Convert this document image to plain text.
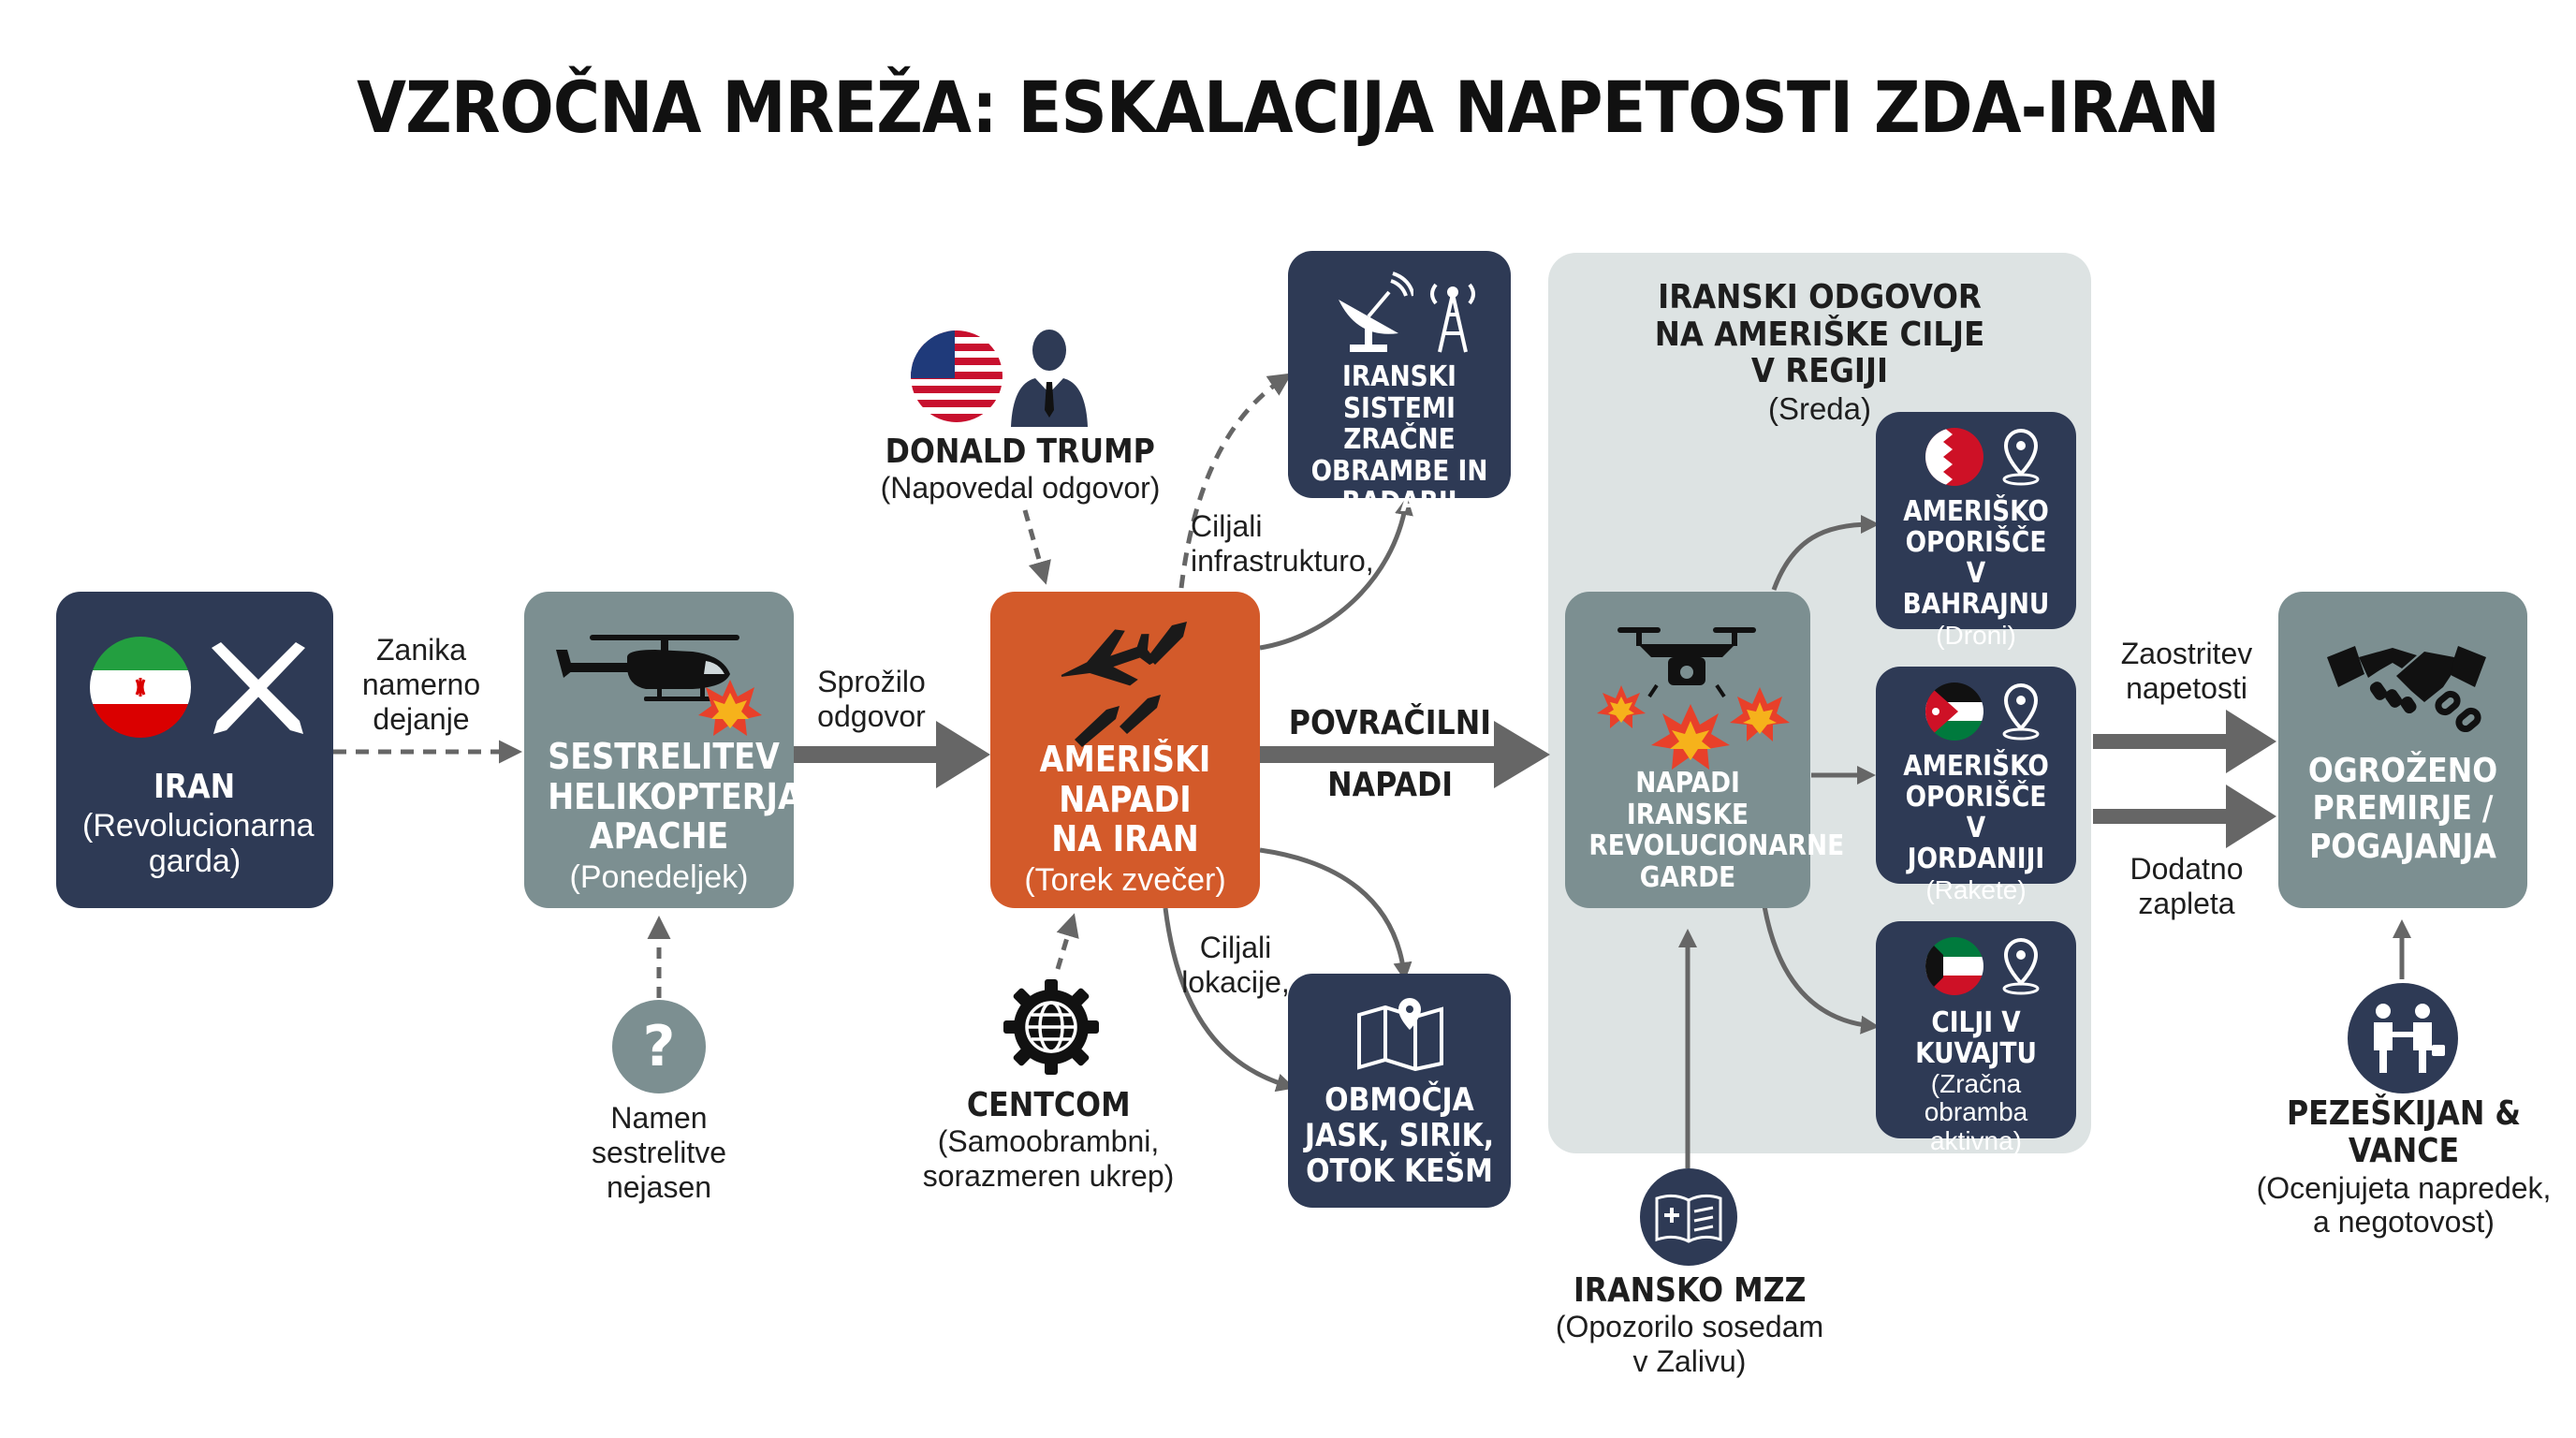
VZROČNA MREŽA: ESKALACIJA NAPETOSTI ZDA-IRAN
IRANSKI ODGOVOR NA AMERIŠKE CILJE V REGIJI
(Sreda)
IRAN
(Revolucionarna garda)
SESTRELITEV HELIKOPTERJA APACHE
(Ponedeljek)
AMERIŠKI NAPADI NA IRAN
(Torek zvečer)
IRANSKI SISTEMI ZRAČNE OBRAMBE IN RADARJI
OBMOČJA JASK, SIRIK, OTOK KEŠM
NAPADI IRANSKE REVOLUCIONARNE GARDE
AMERIŠKO OPORIŠČE V BAHRAJNU
(Droni)
AMERIŠKO OPORIŠČE V JORDANIJI
(Rakete)
CILJI V KUVAJTU
(Zračna obramba aktivna)
OGROŽENO PREMIRJE / POGAJANJA
DONALD TRUMP
(Napovedal odgovor)
CENTCOM
(Samoobrambni, sorazmeren ukrep)
?
Namen sestrelitve nejasen
IRANSKO MZZ
(Opozorilo sosedam v Zalivu)
PEZEŠKIJAN & VANCE
(Ocenjujeta napredek, a negotovost)
Zanika namerno dejanje
Sprožilo odgovor	POVRAČILNI
NAPADI
Ciljali infrastrukturo,
Ciljali lokacije,
Zaostritev napetosti
Dodatno zapleta
